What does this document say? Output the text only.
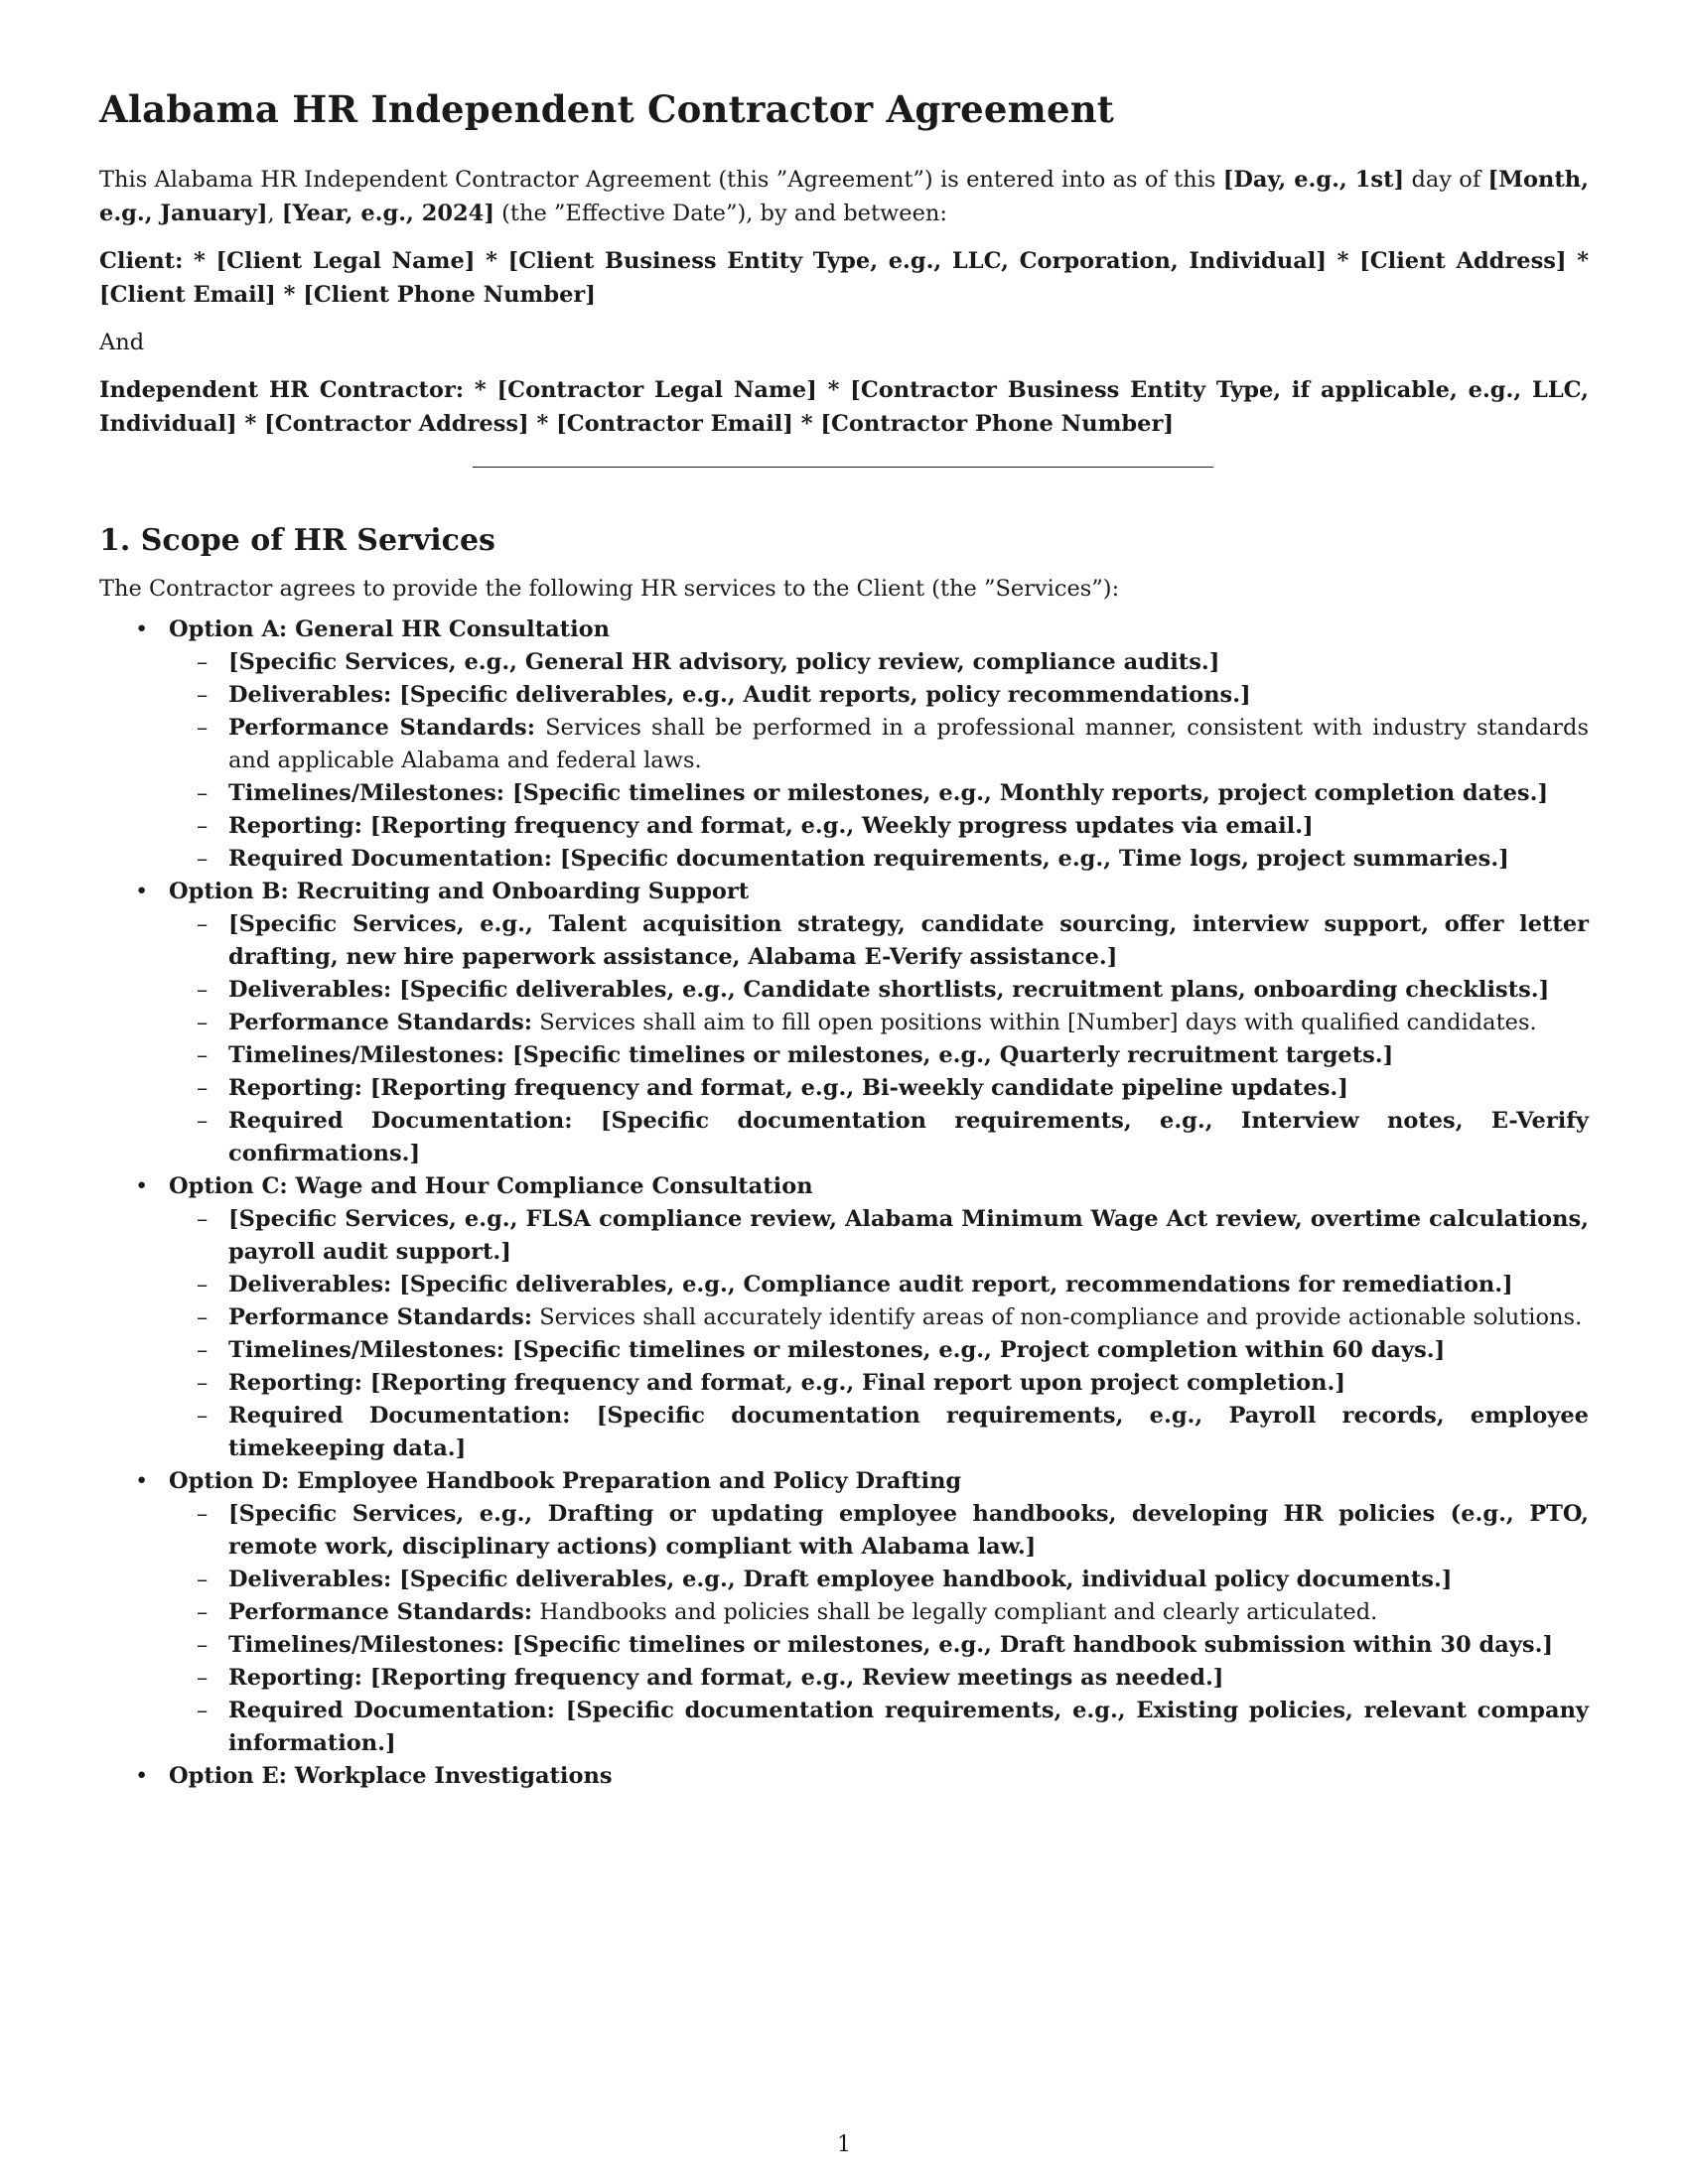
Alabama HR Independent Contractor Agreement

This Alabama HR Independent Contractor Agreement (this ”Agreement”) is entered into as of this [Day, e.g., 1st] day of [Month, e.g., January], [Year, e.g., 2024] (the ”Effective Date”), by and between:

Client: * [Client Legal Name] * [Client Business Entity Type, e.g., LLC, Corporation, Individual] * [Client Address] * [Client Email] * [Client Phone Number]

And

Independent HR Contractor: * [Contractor Legal Name] * [Contractor Business Entity Type, if applicable, e.g., LLC, Individual] * [Contractor Address] * [Contractor Email] * [Contractor Phone Number]

1. Scope of HR Services

The Contractor agrees to provide the following HR services to the Client (the ”Services”):

• Option A: General HR Consultation
– [Specific Services, e.g., General HR advisory, policy review, compliance audits.]
– Deliverables: [Specific deliverables, e.g., Audit reports, policy recommendations.]
– Performance Standards: Services shall be performed in a professional manner, consistent with industry standards and applicable Alabama and federal laws.
– Timelines/Milestones: [Specific timelines or milestones, e.g., Monthly reports, project completion dates.]
– Reporting: [Reporting frequency and format, e.g., Weekly progress updates via email.]
– Required Documentation: [Specific documentation requirements, e.g., Time logs, project summaries.]
• Option B: Recruiting and Onboarding Support
– [Specific Services, e.g., Talent acquisition strategy, candidate sourcing, interview support, offer letter drafting, new hire paperwork assistance, Alabama E-Verify assistance.]
– Deliverables: [Specific deliverables, e.g., Candidate shortlists, recruitment plans, onboarding checklists.]
– Performance Standards: Services shall aim to fill open positions within [Number] days with qualified candidates.
– Timelines/Milestones: [Specific timelines or milestones, e.g., Quarterly recruitment targets.]
– Reporting: [Reporting frequency and format, e.g., Bi-weekly candidate pipeline updates.]
– Required Documentation: [Specific documentation requirements, e.g., Interview notes, E-Verify confirmations.]
• Option C: Wage and Hour Compliance Consultation
– [Specific Services, e.g., FLSA compliance review, Alabama Minimum Wage Act review, overtime calculations, payroll audit support.]
– Deliverables: [Specific deliverables, e.g., Compliance audit report, recommendations for remediation.]
– Performance Standards: Services shall accurately identify areas of non-compliance and provide actionable solutions.
– Timelines/Milestones: [Specific timelines or milestones, e.g., Project completion within 60 days.]
– Reporting: [Reporting frequency and format, e.g., Final report upon project completion.]
– Required Documentation: [Specific documentation requirements, e.g., Payroll records, employee timekeeping data.]
• Option D: Employee Handbook Preparation and Policy Drafting
– [Specific Services, e.g., Drafting or updating employee handbooks, developing HR policies (e.g., PTO, remote work, disciplinary actions) compliant with Alabama law.]
– Deliverables: [Specific deliverables, e.g., Draft employee handbook, individual policy documents.]
– Performance Standards: Handbooks and policies shall be legally compliant and clearly articulated.
– Timelines/Milestones: [Specific timelines or milestones, e.g., Draft handbook submission within 30 days.]
– Reporting: [Reporting frequency and format, e.g., Review meetings as needed.]
– Required Documentation: [Specific documentation requirements, e.g., Existing policies, relevant company information.]
• Option E: Workplace Investigations
1
